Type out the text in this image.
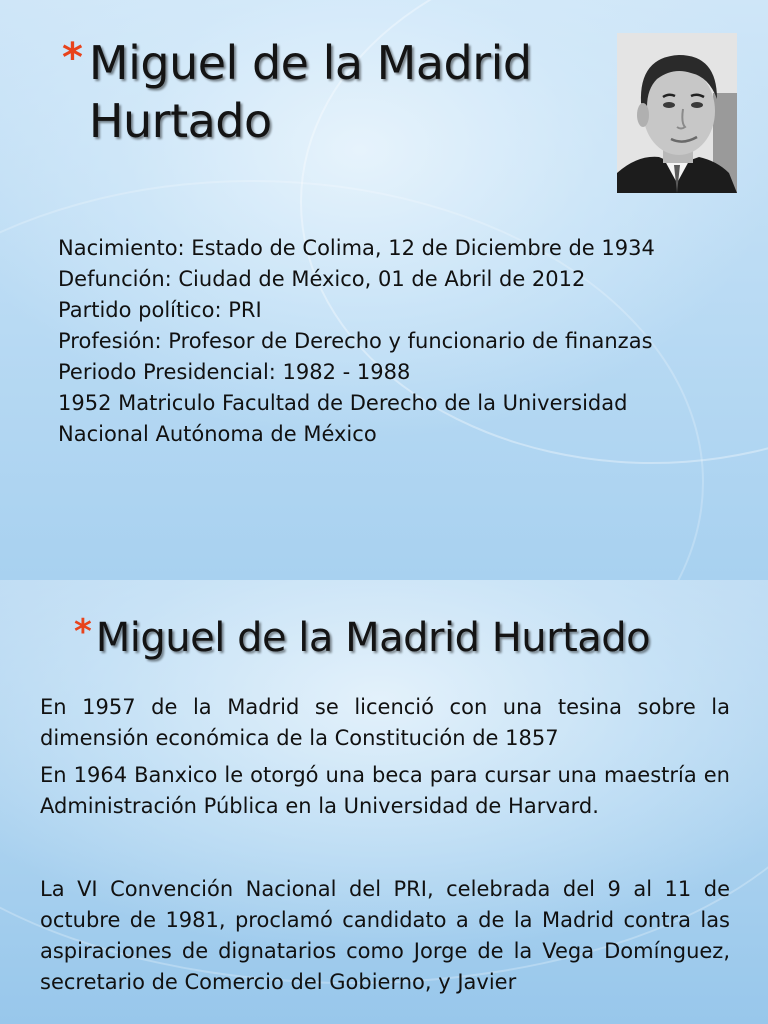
* Miguel de la Madrid
Hurtado
Nacimiento: Estado de Colima, 12 de Diciembre de 1934
Defunción: Ciudad de México, 01 de Abril de 2012
Partido político: PRI
Profesión: Profesor de Derecho y funcionario de finanzas
Periodo Presidencial: 1982 - 1988
1952 Matriculo Facultad de Derecho de la Universidad Nacional Autónoma de México
* Miguel de la Madrid Hurtado

En 1957 de la Madrid se licenció con una tesina sobre la dimensión económica de la Constitución de 1857

En 1964 Banxico le otorgó una beca para cursar una maestría en Administración Pública en la Universidad de Harvard.

La VI Convención Nacional del PRI, celebrada del 9 al 11 de octubre de 1981, proclamó candidato a de la Madrid contra las aspiraciones de dignatarios como Jorge de la Vega Domínguez, secretario de Comercio del Gobierno, y Javier
